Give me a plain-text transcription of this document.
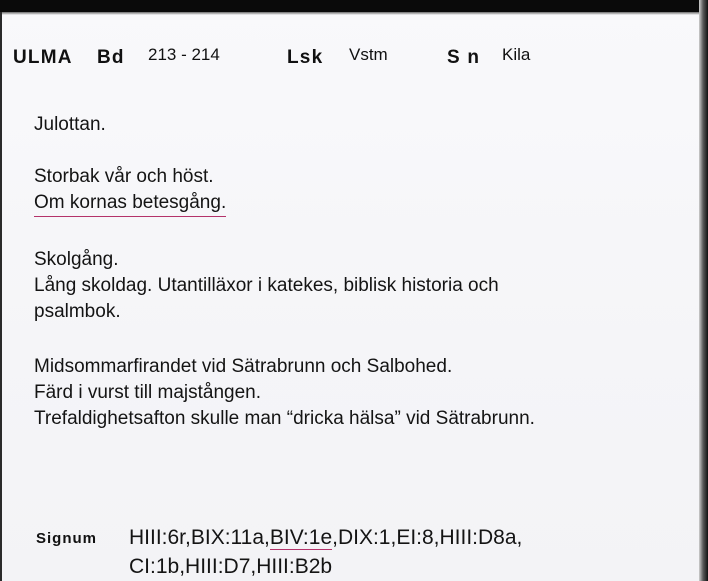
ULMA Bd 213 - 214	Lsk Vstm	S n Kila
Julottan.
Storbak vår och höst.
Om kornas betesgång.
Skolgång.
Lång skoldag. Utantilläxor i katekes, biblisk historia och
psalmbok.
Midsommarfirandet vid Sätrabrunn och Salbohed.
Färd i vurst till majstången.
Trefaldighetsafton skulle man “dricka hälsa” vid Sätrabrunn.
Signum HIII:6r,BIX:11a,BIV:1e,DIX:1,EI:8,HIII:D8a,
CI:1b,HIII:D7,HIII:B2b
